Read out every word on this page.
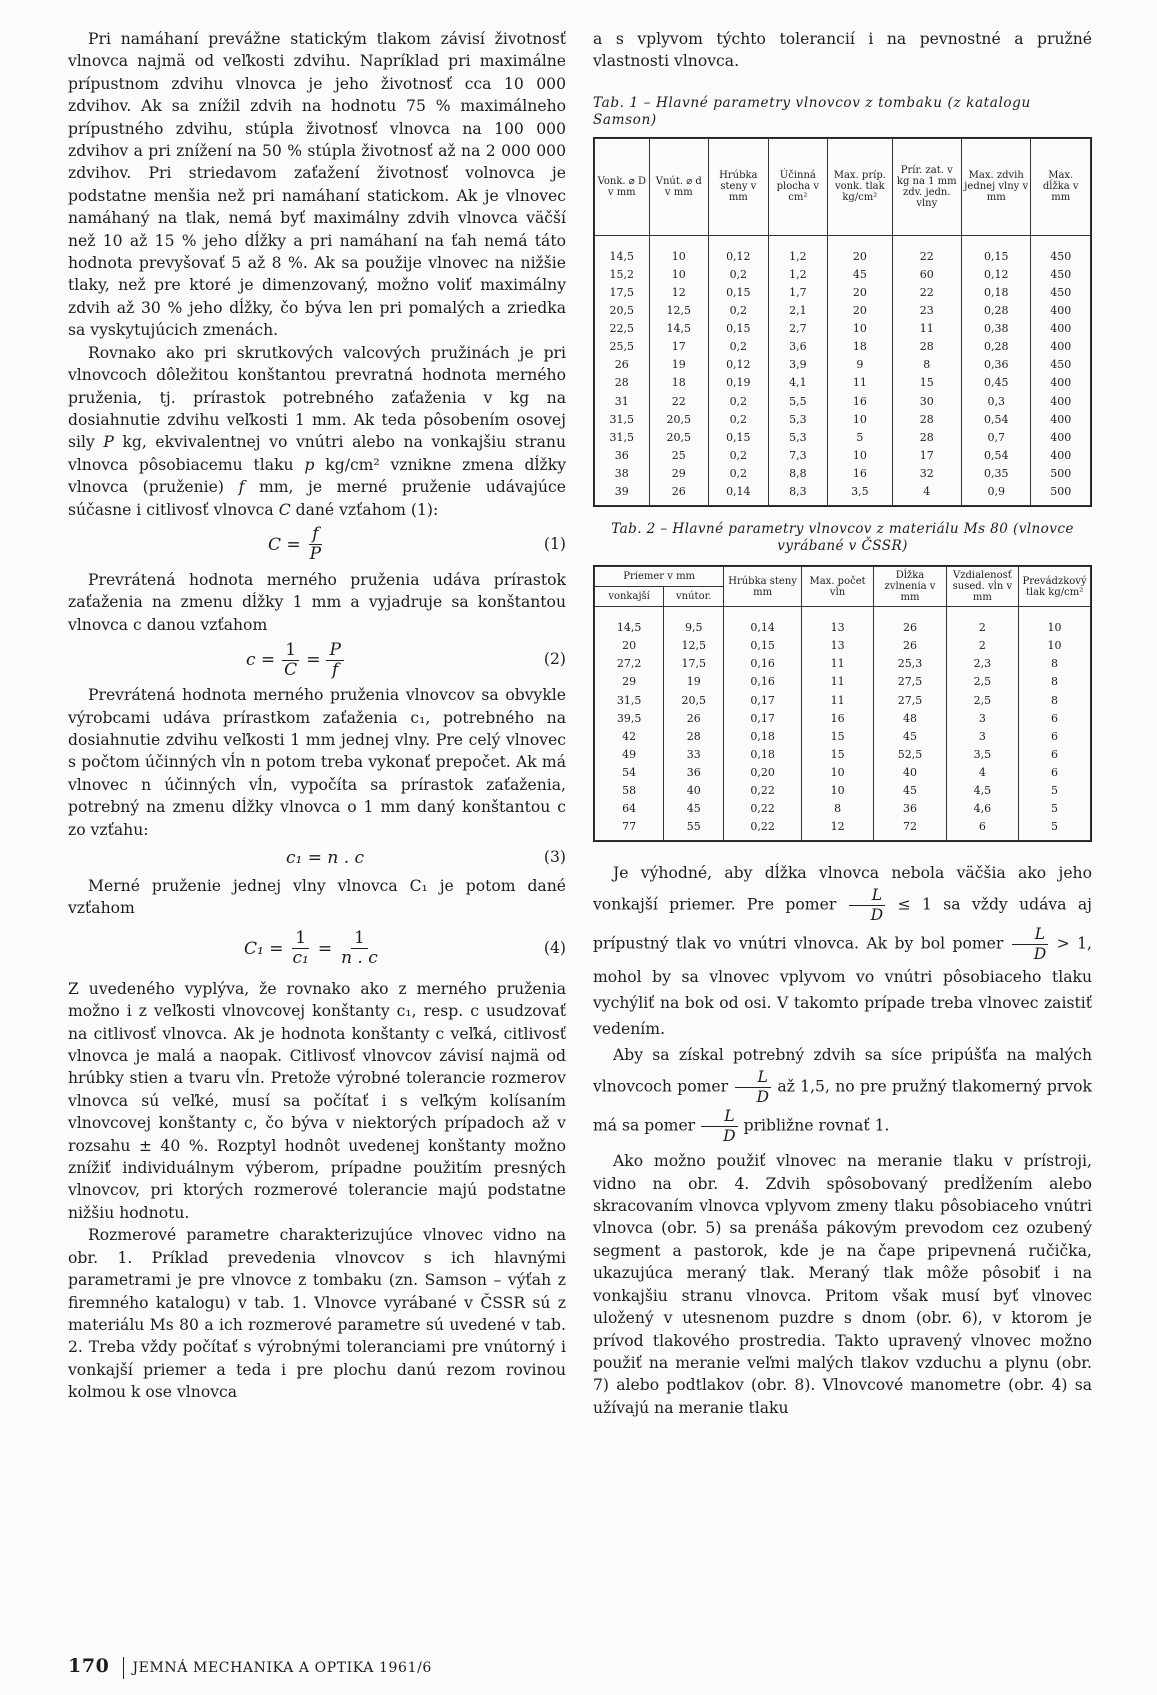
Pri namáhaní prevážne statickým tlakom závisí životnosť vlnovca najmä od veľkosti zdvihu. Napríklad pri maximálne prípustnom zdvihu vlnovca je jeho životnosť cca 10 000 zdvihov. Ak sa znížil zdvih na hodnotu 75 % maximálneho prípustného zdvihu, stúpla životnosť vlnovca na 100 000 zdvihov a pri znížení na 50 % stúpla životnosť až na 2 000 000 zdvihov. Pri striedavom zaťažení životnosť volnovca je podstatne menšia než pri namáhaní statickom. Ak je vlnovec namáhaný na tlak, nemá byť maximálny zdvih vlnovca väčší než 10 až 15 % jeho dĺžky a pri namáhaní na ťah nemá táto hodnota prevyšovať 5 až 8 %. Ak sa použije vlnovec na nižšie tlaky, než pre ktoré je dimenzovaný, možno voliť maximálny zdvih až 30 % jeho dĺžky, čo býva len pri pomalých a zriedka sa vyskytujúcich zmenách.

Rovnako ako pri skrutkových valcových pružinách je pri vlnovcoch dôležitou konštantou prevratná hodnota merného pruženia, tj. prírastok potrebného zaťaženia v kg na dosiahnutie zdvihu veľkosti 1 mm. Ak teda pôsobením osovej sily P kg, ekvivalentnej vo vnútri alebo na vonkajšiu stranu vlnovca pôsobiacemu tlaku p kg/cm² vznikne zmena dĺžky vlnovca (pruženie) f mm, je merné pruženie udávajúce súčasne i citlivosť vlnovca C dané vzťahom (1):

$C = \frac{f}{P}$	(1)

Prevrátená hodnota merného pruženia udáva prírastok zaťaženia na zmenu dĺžky 1 mm a vyjadruje sa konštantou vlnovca c danou vzťahom

$c = \frac{1}{C} = \frac{P}{f}$	(2)

Prevrátená hodnota merného pruženia vlnovcov sa obvykle výrobcami udáva prírastkom zaťaženia c₁, potrebného na dosiahnutie zdvihu veľkosti 1 mm jednej vlny. Pre celý vlnovec s počtom účinných vĺn n potom treba vykonať prepočet. Ak má vlnovec n účinných vĺn, vypočíta sa prírastok zaťaženia, potrebný na zmenu dĺžky vlnovca o 1 mm daný konštantou c zo vzťahu:

c₁ = n . c	(3)

Merné pruženie jednej vlny vlnovca C₁ je potom dané vzťahom

$C_1 = \frac{1}{\text{c₁}} = \frac{1}{n . c}$	(4)

Z uvedeného vyplýva, že rovnako ako z merného pruženia možno i z veľkosti vlnovcovej konštanty c₁, resp. c usudzovať na citlivosť vlnovca. Ak je hodnota konštanty c veľká, citlivosť vlnovca je malá a naopak. Citlivosť vlnovcov závisí najmä od hrúbky stien a tvaru vĺn. Pretože výrobné tolerancie rozmerov vlnovca sú veľké, musí sa počítať i s veľkým kolísaním vlnovcovej konštanty c, čo býva v niektorých prípadoch až v rozsahu ± 40 %. Rozptyl hodnôt uvedenej konštanty možno znížiť individuálnym výberom, prípadne použitím presných vlnovcov, pri ktorých rozmerové tolerancie majú podstatne nižšiu hodnotu.

Rozmerové parametre charakterizujúce vlnovec vidno na obr. 1. Príklad prevedenia vlnovcov s ich hlavnými parametrami je pre vlnovce z tombaku (zn. Samson – výťah z firemného katalogu) v tab. 1. Vlnovce vyrábané v ČSSR sú z materiálu Ms 80 a ich rozmerové parametre sú uvedené v tab. 2. Treba vždy počítať s výrobnými toleranciami pre vnútorný i vonkajší priemer a teda i pre plochu danú rezom rovinou kolmou k ose vlnovca

a s vplyvom týchto tolerancií i na pevnostné a pružné vlastnosti vlnovca.

Tab. 1 – Hlavné parametry vlnovcov z tombaku (z katalogu Samson)

Vonk. ⌀ D v mm	Vnút. ⌀ d v mm	Hrúbka steny v mm	Účinná plocha v cm²	Max. príp. vonk. tlak kg/cm²	Prír. zat. v kg na 1 mm zdv. jedn. vlny	Max. zdvih jednej vlny v mm	Max. dĺžka v mm
14,5	10	0,12	1,2	20	22	0,15	450
15,2	10	0,2	1,2	45	60	0,12	450
17,5	12	0,15	1,7	20	22	0,18	450
20,5	12,5	0,2	2,1	20	23	0,28	400
22,5	14,5	0,15	2,7	10	11	0,38	400
25,5	17	0,2	3,6	18	28	0,28	400
26	19	0,12	3,9	9	8	0,36	450
28	18	0,19	4,1	11	15	0,45	400
31	22	0,2	5,5	16	30	0,3	400
31,5	20,5	0,2	5,3	10	28	0,54	400
31,5	20,5	0,15	5,3	5	28	0,7	400
36	25	0,2	7,3	10	17	0,54	400
38	29	0,2	8,8	16	32	0,35	500
39	26	0,14	8,3	3,5	4	0,9	500

Tab. 2 – Hlavné parametry vlnovcov z materiálu Ms 80 (vlnovce vyrábané v ČSSR)

Priemer v mm		Hrúbka steny mm	Max. počet vĺn	Dĺžka zvlnenia v mm	Vzdialenosť sused. vĺn v mm	Prevádzkový tlak kg/cm²
vonkajší	vnútor.					
14,5	9,5	0,14	13	26	2	10
20	12,5	0,15	13	26	2	10
27,2	17,5	0,16	11	25,3	2,3	8
29	19	0,16	11	27,5	2,5	8
31,5	20,5	0,17	11	27,5	2,5	8
39,5	26	0,17	16	48	3	6
42	28	0,18	15	45	3	6
49	33	0,18	15	52,5	3,5	6
54	36	0,20	10	40	4	6
58	40	0,22	10	45	4,5	5
64	45	0,22	8	36	4,6	5
77	55	0,22	12	72	6	5

Je výhodné, aby dĺžka vlnovca nebola väčšia ako jeho vonkajší priemer. Pre pomer $\frac{L}{D} \le 1$ sa vždy udáva aj prípustný tlak vo vnútri vlnovca. Ak by bol pomer $\frac{L}{D} > 1$, mohol by sa vlnovec vplyvom vo vnútri pôsobiaceho tlaku vychýliť na bok od osi. V takomto prípade treba vlnovec zaistiť vedením.

Aby sa získal potrebný zdvih sa síce pripúšťa na malých vlnovcoch pomer $\frac{L}{D}$ až 1,5, no pre pružný tlakomerný prvok má sa pomer $\frac{L}{D}$ približne rovnať 1.

Ako možno použiť vlnovec na meranie tlaku v prístroji, vidno na obr. 4. Zdvih spôsobovaný predĺžením alebo skracovaním vlnovca vplyvom zmeny tlaku pôsobiaceho vnútri vlnovca (obr. 5) sa prenáša pákovým prevodom cez ozubený segment a pastorok, kde je na čape pripevnená ručička, ukazujúca meraný tlak. Meraný tlak môže pôsobiť i na vonkajšiu stranu vlnovca. Pritom však musí byť vlnovec uložený v utesnenom puzdre s dnom (obr. 6), v ktorom je prívod tlakového prostredia. Takto upravený vlnovec možno použiť na meranie veľmi malých tlakov vzduchu a plynu (obr. 7) alebo podtlakov (obr. 8). Vlnovcové manometre (obr. 4) sa užívajú na meranie tlaku

170 JEMNÁ MECHANIKA A OPTIKA 1961/6
